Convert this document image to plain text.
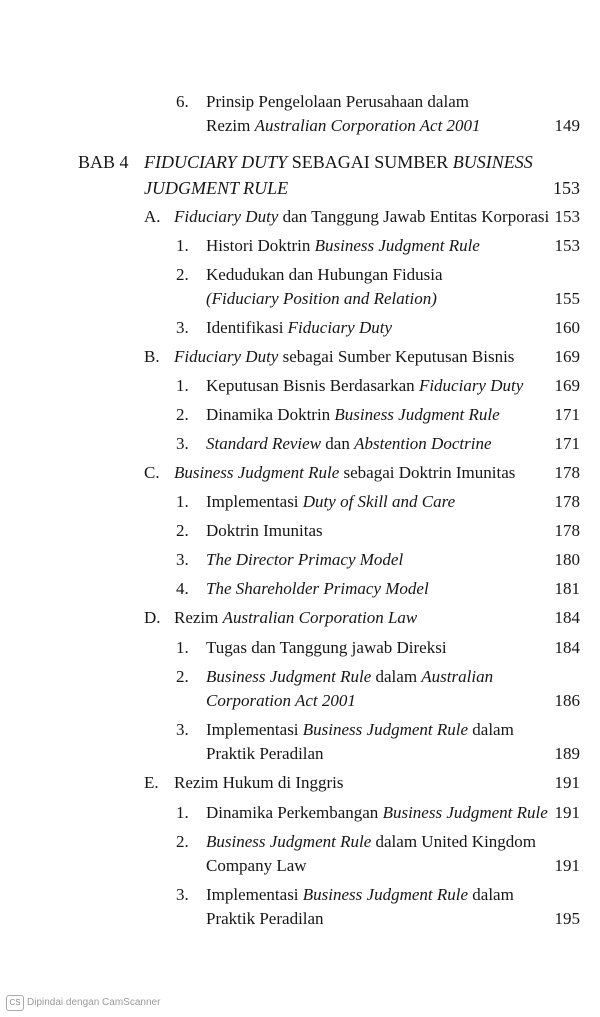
6. Prinsip Pengelolaan Perusahaan dalam
Rezim Australian Corporation Act 2001	149
BAB 4 FIDUCIARY DUTY SEBAGAI SUMBER BUSINESS
JUDGMENT RULE	153
A. Fiduciary Duty dan Tanggung Jawab Entitas Korporasi 153
1. Histori Doktrin Business Judgment Rule	153
2. Kedudukan dan Hubungan Fidusia
(Fiduciary Position and Relation)	155
3. Identifikasi Fiduciary Duty	160
B. Fiduciary Duty sebagai Sumber Keputusan Bisnis 169
1. Keputusan Bisnis Berdasarkan Fiduciary Duty 169
2. Dinamika Doktrin Business Judgment Rule	171
3. Standard Review dan Abstention Doctrine	171
C. Business Judgment Rule sebagai Doktrin Imunitas 178
1. Implementasi Duty of Skill and Care	178
2. Doktrin Imunitas	178
3. The Director Primacy Model	180
4. The Shareholder Primacy Model	181
D. Rezim Australian Corporation Law	184
1. Tugas dan Tanggung jawab Direksi	184
2. Business Judgment Rule dalam Australian
Corporation Act 2001	186
3. Implementasi Business Judgment Rule dalam
Praktik Peradilan	189
E. Rezim Hukum di Inggris	191
1. Dinamika Perkembangan Business Judgment Rule 191
2. Business Judgment Rule dalam United Kingdom
Company Law	191
3. Implementasi Business Judgment Rule dalam
Praktik Peradilan	195
CS Dipindai dengan CamScanner
